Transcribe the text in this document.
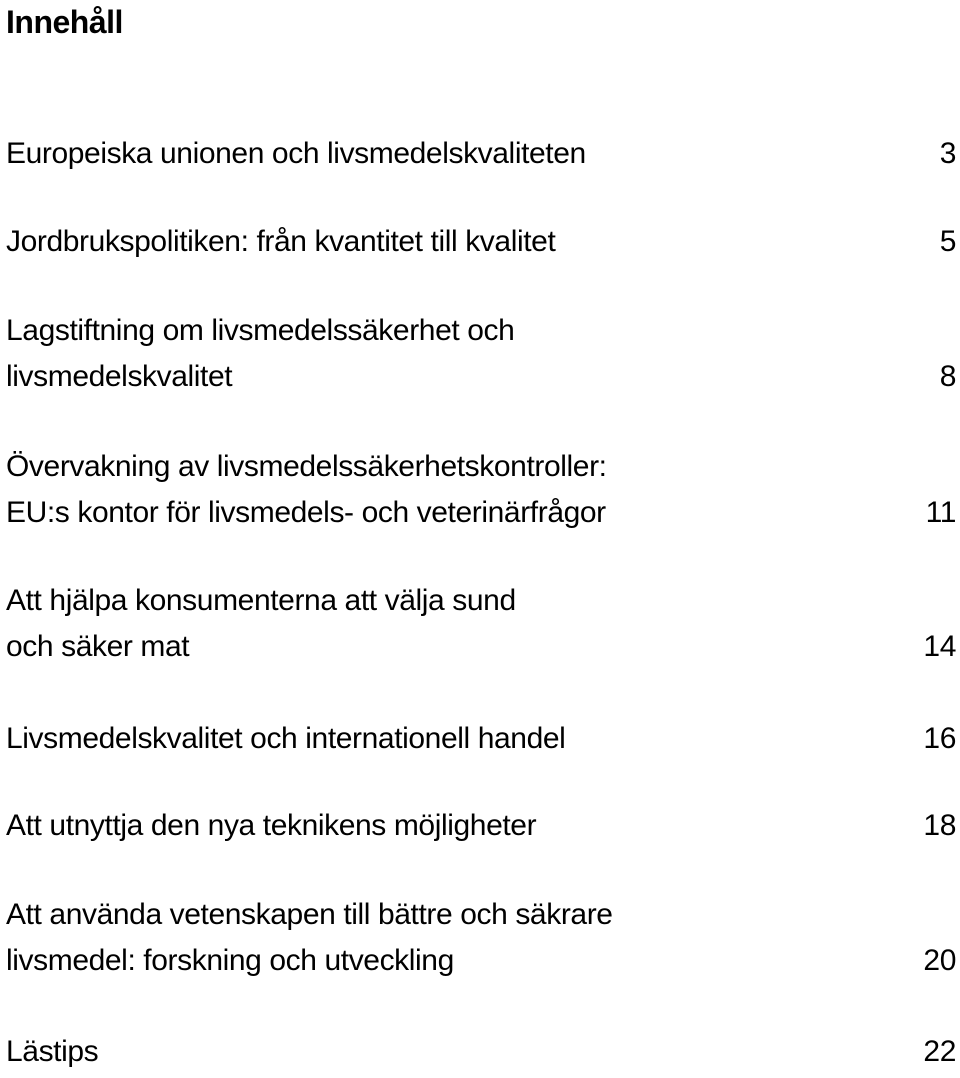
Innehåll
Europeiska unionen och livsmedelskvaliteten	3
Jordbrukspolitiken: från kvantitet till kvalitet	5
Lagstiftning om livsmedelssäkerhet och
livsmedelskvalitet	8
Övervakning av livsmedelssäkerhetskontroller:
EU:s kontor för livsmedels- och veterinärfrågor	11
Att hjälpa konsumenterna att välja sund
och säker mat	14
Livsmedelskvalitet och internationell handel	16
Att utnyttja den nya teknikens möjligheter	18
Att använda vetenskapen till bättre och säkrare
livsmedel: forskning och utveckling	20
Lästips	22
